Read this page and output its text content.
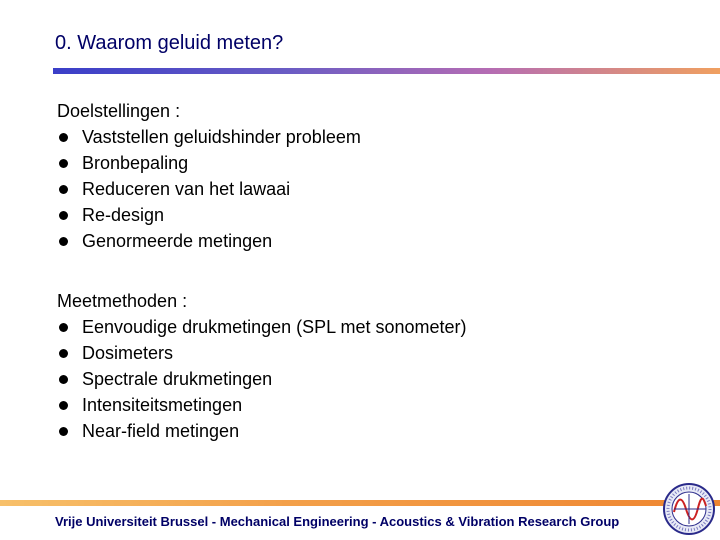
0. Waarom geluid meten?
Doelstellingen :
Vaststellen geluidshinder probleem
Bronbepaling
Reduceren van het lawaai
Re-design
Genormeerde metingen
Meetmethoden :
Eenvoudige drukmetingen (SPL met sonometer)
Dosimeters
Spectrale drukmetingen
Intensiteitsmetingen
Near-field metingen
Vrije Universiteit Brussel - Mechanical Engineering - Acoustics & Vibration Research Group
